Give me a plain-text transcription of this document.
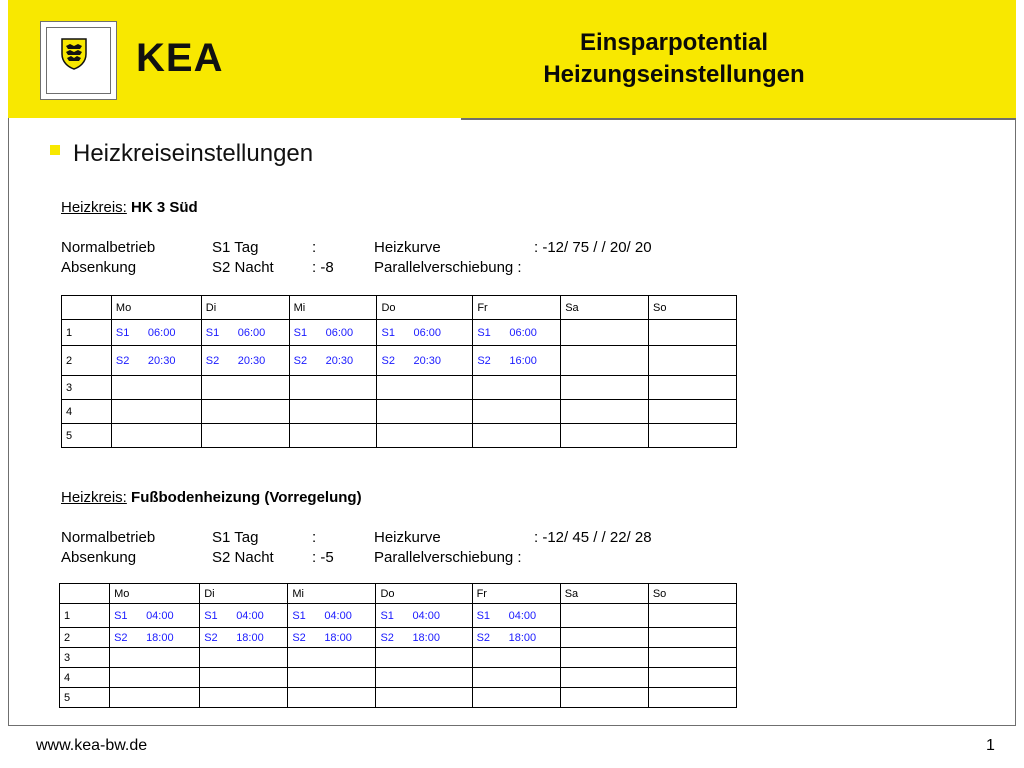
KEA	Einsparpotential
Heizungseinstellungen
Heizkreiseinstellungen
Heizkreis: HK 3 Süd
Normalbetrieb	S1 Tag	:	Heizkurve	: -12/ 75 / / 20/ 20
Absenkung	S2 Nacht	: -8	Parallelverschiebung :
	Mo	Di	Mi	Do	Fr	Sa	So
1	S1 06:00	S1 06:00	S1 06:00	S1 06:00	S1 06:00		
2	S2 20:30	S2 20:30	S2 20:30	S2 20:30	S2 16:00		
3							
4							
5							
Heizkreis: Fußbodenheizung (Vorregelung)
Normalbetrieb	S1 Tag	:	Heizkurve	: -12/ 45 / / 22/ 28
Absenkung	S2 Nacht	: -5	Parallelverschiebung :
	Mo	Di	Mi	Do	Fr	Sa	So
1	S1 04:00	S1 04:00	S1 04:00	S1 04:00	S1 04:00		
2	S2 18:00	S2 18:00	S2 18:00	S2 18:00	S2 18:00		
3							
4							
5							
www.kea-bw.de	1
